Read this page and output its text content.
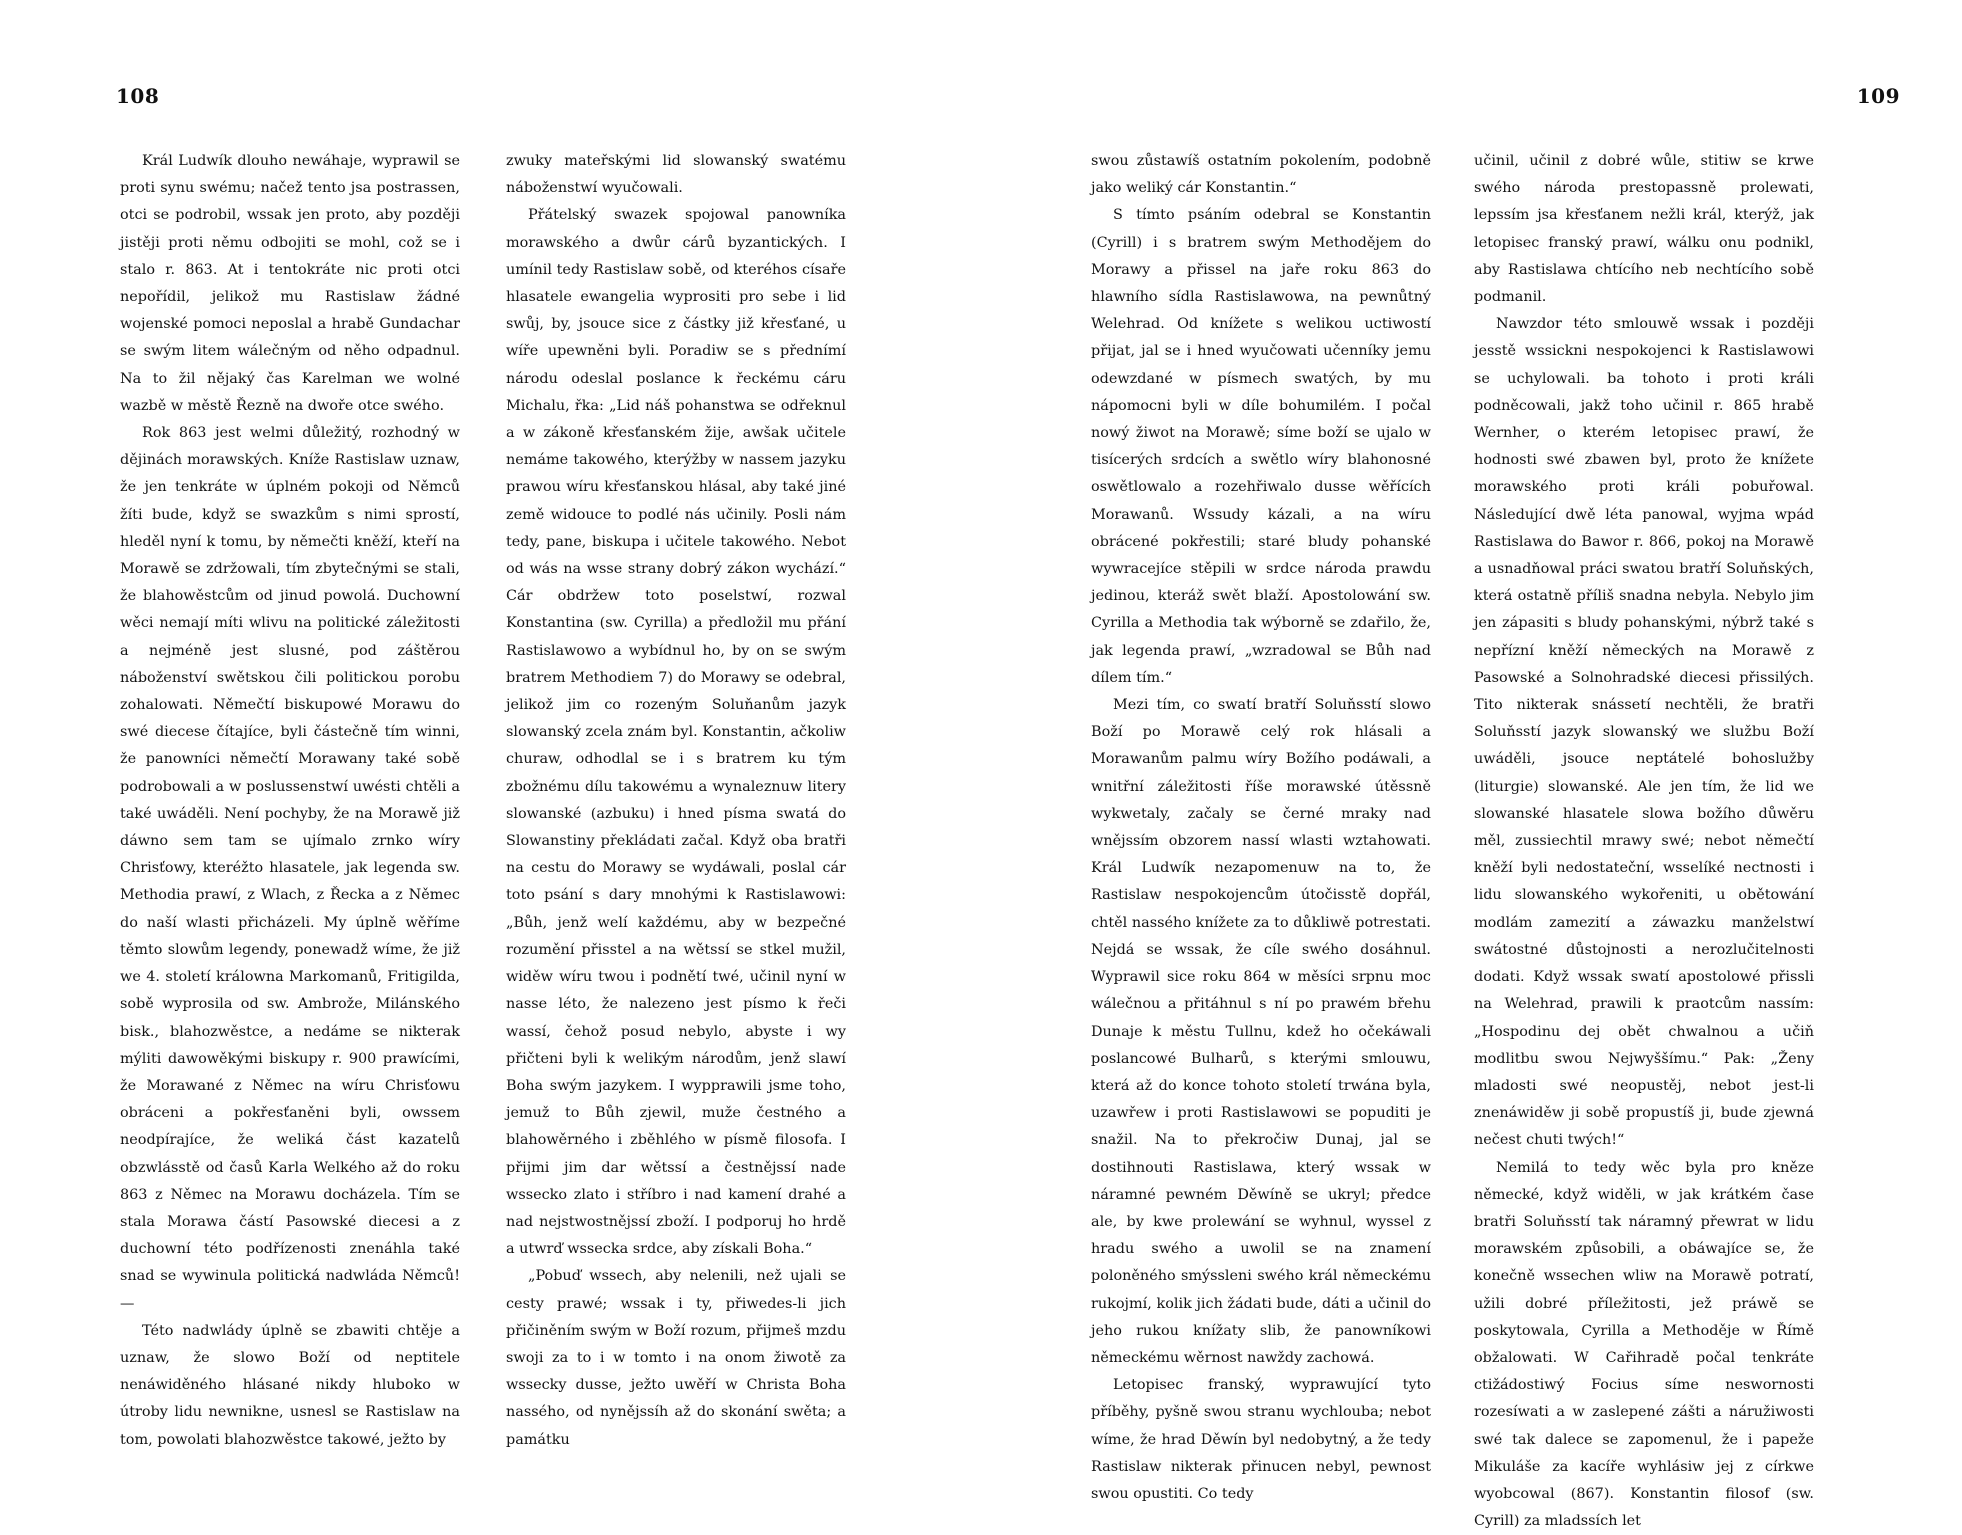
108

Král Ludwík dlouho newáhaje, wyprawil se proti synu swému; načež tento jsa postrassen, otci se podrobil, wssak jen proto, aby později jistěji proti němu odbojiti se mohl, což se i stalo r. 863. At i tentokráte nic proti otci nepořídil, jelikož mu Rastislaw žádné wojenské pomoci neposlal a hrabě Gundachar se swým litem wálečným od něho odpadnul. Na to žil nějaký čas Karelman we wolné wazbě w městě Řezně na dwoře otce swého.

Rok 863 jest welmi důležitý, rozhodný w dějinách morawských. Kníže Rastislaw uznaw, že jen tenkráte w úplném pokoji od Němců žíti bude, když se swazkům s nimi sprostí, hleděl nyní k tomu, by němečti kněží, kteří na Morawě se zdržowali, tím zbytečnými se stali, že blahowěstcům od jinud powolá. Duchowní wěci nemají míti wlivu na politické záležitosti a nejméně jest slusné, pod záštěrou náboženství swětskou čili politickou porobu zohalowati. Němečtí biskupowé Morawu do swé diecese čítajíce, byli částečně tím winni, že panowníci němečtí Morawany také sobě podrobowali a w poslussenstwí uwésti chtěli a také uwáděli. Není pochyby, že na Morawě již dáwno sem tam se ujímalo zrnko wíry Chrisťowy, kteréžto hlasatele, jak legenda sw. Methodia prawí, z Wlach, z Řecka a z Němec do naší wlasti přicházeli. My úplně wěříme těmto slowům legendy, ponewadž wíme, že již we 4. století králowna Markomanů, Fritigilda, sobě wyprosila od sw. Ambrože, Milánského bisk., blahozwěstce, a nedáme se nikterak mýliti dawowěkými biskupy r. 900 prawícími, že Morawané z Němec na wíru Chrisťowu obráceni a pokřesťaněni byli, owssem neodpírajíce, že weliká část kazatelů obzwlásstě od časů Karla Welkého až do roku 863 z Němec na Morawu docházela. Tím se stala Morawa částí Pasowské diecesi a z duchowní této podřízenosti znenáhla také snad se wywinula politická nadwláda Němců! —

Této nadwlády úplně se zbawiti chtěje a uznaw, že slowo Boží od neptitele nenáwiděného hlásané nikdy hluboko w útroby lidu newnikne, usnesl se Rastislaw na tom, powolati blahozwěstce takowé, ježto by

zwuky mateřskými lid slowanský swatému náboženstwí wyučowali.

Přátelský swazek spojowal panowníka morawského a dwůr cárů byzantických. I umínil tedy Rastislaw sobě, od kteréhos císaře hlasatele ewangelia wyprositi pro sebe i lid swůj, by, jsouce sice z částky již křesťané, u wíře upewněni byli. Poradiw se s přednímí národu odeslal poslance k řeckému cáru Michalu, řka: „Lid náš pohanstwa se odřeknul a w zákoně křesťanském žije, awšak učitele nemáme takowého, kterýžby w nassem jazyku prawou wíru křesťanskou hlásal, aby také jiné země widouce to podlé nás učinily. Posli nám tedy, pane, biskupa i učitele takowého. Nebot od wás na wsse strany dobrý zákon wychází.“ Cár obdržew toto poselstwí, rozwal Konstantina (sw. Cyrilla) a předložil mu přání Rastislawowo a wybídnul ho, by on se swým bratrem Methodiem 7) do Morawy se odebral, jelikož jim co rozeným Soluňanům jazyk slowanský zcela znám byl. Konstantin, ačkoliw churaw, odhodlal se i s bratrem ku tým zbožnému dílu takowému a wynaleznuw litery slowanské (azbuku) i hned písma swatá do Slowanstiny překládati začal. Když oba bratři na cestu do Morawy se wydáwali, poslal cár toto psání s dary mnohými k Rastislawowi: „Bůh, jenž welí každému, aby w bezpečné rozumění přisstel a na wětssí se stkel mužil, widěw wíru twou i podnětí twé, učinil nyní w nasse léto, že nalezeno jest písmo k řeči wassí, čehož posud nebylo, abyste i wy přičteni byli k welikým národům, jenž slawí Boha swým jazykem. I wypprawili jsme toho, jemuž to Bůh zjewil, muže čestného a blahowěrného i zběhlého w písmě filosofa. I přijmi jim dar wětssí a čestnějssí nade wssecko zlato i stříbro i nad kamení drahé a nad nejstwostnějssí zboží. I podporuj ho hrdě a utwrď wssecka srdce, aby získali Boha.“

„Pobuď wssech, aby nelenili, než ujali se cesty prawé; wssak i ty, přiwedes-li jich přičiněním swým w Boží rozum, přijmeš mzdu swoji za to i w tomto i na onom žiwotě za wssecky dusse, ježto uwěří w Christa Boha nassého, od nynějssíh až do skonání swěta; a památku

109

swou zůstawíš ostatním pokolením, podobně jako weliký cár Konstantin.“

S tímto psáním odebral se Konstantin (Cyrill) i s bratrem swým Methodějem do Morawy a přissel na jaře roku 863 do hlawního sídla Rastislawowa, na pewnůtný Welehrad. Od knížete s welikou uctiwostí přijat, jal se i hned wyučowati učenníky jemu odewzdané w písmech swatých, by mu nápomocni byli w díle bohumilém. I počal nowý žiwot na Morawě; síme boží se ujalo w tisícerých srdcích a swětlo wíry blahonosné oswětlowalo a rozehřiwalo dusse wěřících Morawanů. Wssudy kázali, a na wíru obrácené pokřestili; staré bludy pohanské wywracejíce stěpili w srdce národa prawdu jedinou, kteráž swět blaží. Apostolowání sw. Cyrilla a Methodia tak wýborně se zdařilo, že, jak legenda prawí, „wzradowal se Bůh nad dílem tím.“

Mezi tím, co swatí bratří Soluňsstí slowo Boží po Morawě celý rok hlásali a Morawanům palmu wíry Božího podáwali, a wnitřní záležitosti říše morawské útěssně wykwetaly, začaly se černé mraky nad wnějssím obzorem nassí wlasti wztahowati. Král Ludwík nezapomenuw na to, že Rastislaw nespokojencům útočisstě dopřál, chtěl nassého knížete za to důkliwě potrestati. Nejdá se wssak, že cíle swého dosáhnul. Wyprawil sice roku 864 w měsíci srpnu moc wálečnou a přitáhnul s ní po prawém břehu Dunaje k městu Tullnu, kdež ho očekáwali poslancowé Bulharů, s kterými smlouwu, která až do konce tohoto století trwána byla, uzawřew i proti Rastislawowi se popuditi je snažil. Na to překročiw Dunaj, jal se dostihnouti Rastislawa, který wssak w náramné pewném Děwíně se ukryl; předce ale, by kwe prolewání se wyhnul, wyssel z hradu swého a uwolil se na znamení poloněného smýssleni swého král německému rukojmí, kolik jich žádati bude, dáti a učinil do jeho rukou knížaty slib, že panowníkowi německému wěrnost nawždy zachowá.

Letopisec franský, wyprawující tyto příběhy, pyšně swou stranu wychlouba; nebot wíme, že hrad Děwín byl nedobytný, a že tedy Rastislaw nikterak přinucen nebyl, pewnost swou opustiti. Co tedy

učinil, učinil z dobré wůle, stitiw se krwe swého národa prestopassně prolewati, lepssím jsa křesťanem nežli král, kterýž, jak letopisec franský prawí, wálku onu podnikl, aby Rastislawa chtícího neb nechtícího sobě podmanil.

Nawzdor této smlouwě wssak i později jesstě wssickni nespokojenci k Rastislawowi se uchylowali. ba tohoto i proti králi podněcowali, jakž toho učinil r. 865 hrabě Wernher, o kterém letopisec prawí, že hodnosti swé zbawen byl, proto že knížete morawského proti králi pobuřowal. Následující dwě léta panowal, wyjma wpád Rastislawa do Bawor r. 866, pokoj na Morawě a usnadňowal práci swatou bratří Soluňských, která ostatně příliš snadna nebyla. Nebylo jim jen zápasiti s bludy pohanskými, nýbrž také s nepřízní kněží německých na Morawě z Pasowské a Solnohradské diecesi přissilých. Tito nikterak snássetí nechtěli, že bratři Soluňsstí jazyk slowanský we službu Boží uwáděli, jsouce neptátelé bohoslužby (liturgie) slowanské. Ale jen tím, že lid we slowanské hlasatele slowa božího důwěru měl, zussiechtil mrawy swé; nebot němečtí kněží byli nedostateční, wsselíké nectnosti i lidu slowanského wykořeniti, u obětowání modlám zamezití a záwazku manželstwí swátostné důstojnosti a nerozlučitelnosti dodati. Když wssak swatí apostolowé přissli na Welehrad, prawili k praotcům nassím: „Hospodinu dej obět chwalnou a učiň modlitbu swou Nejwyššímu.“ Pak: „Ženy mladosti swé neopustěj, nebot jest-li znenáwiděw ji sobě propustíš ji, bude zjewná nečest chuti twých!“

Nemilá to tedy wěc byla pro kněze německé, když widěli, w jak krátkém čase bratři Soluňsstí tak náramný přewrat w lidu morawském způsobili, a obáwajíce se, že konečně wssechen wliw na Morawě potratí, užili dobré příležitosti, jež práwě se poskytowala, Cyrilla a Methoděje w Římě obžalowati. W Cařihradě počal tenkráte ctižádostiwý Focius síme neswornosti rozesíwati a w zaslepené zášti a náružiwosti swé tak dalece se zapomenul, že i papeže Mikuláše za kacíře wyhlásiw jej z církwe wyobcowal (867). Konstantin filosof (sw. Cyrill) za mladssích let
